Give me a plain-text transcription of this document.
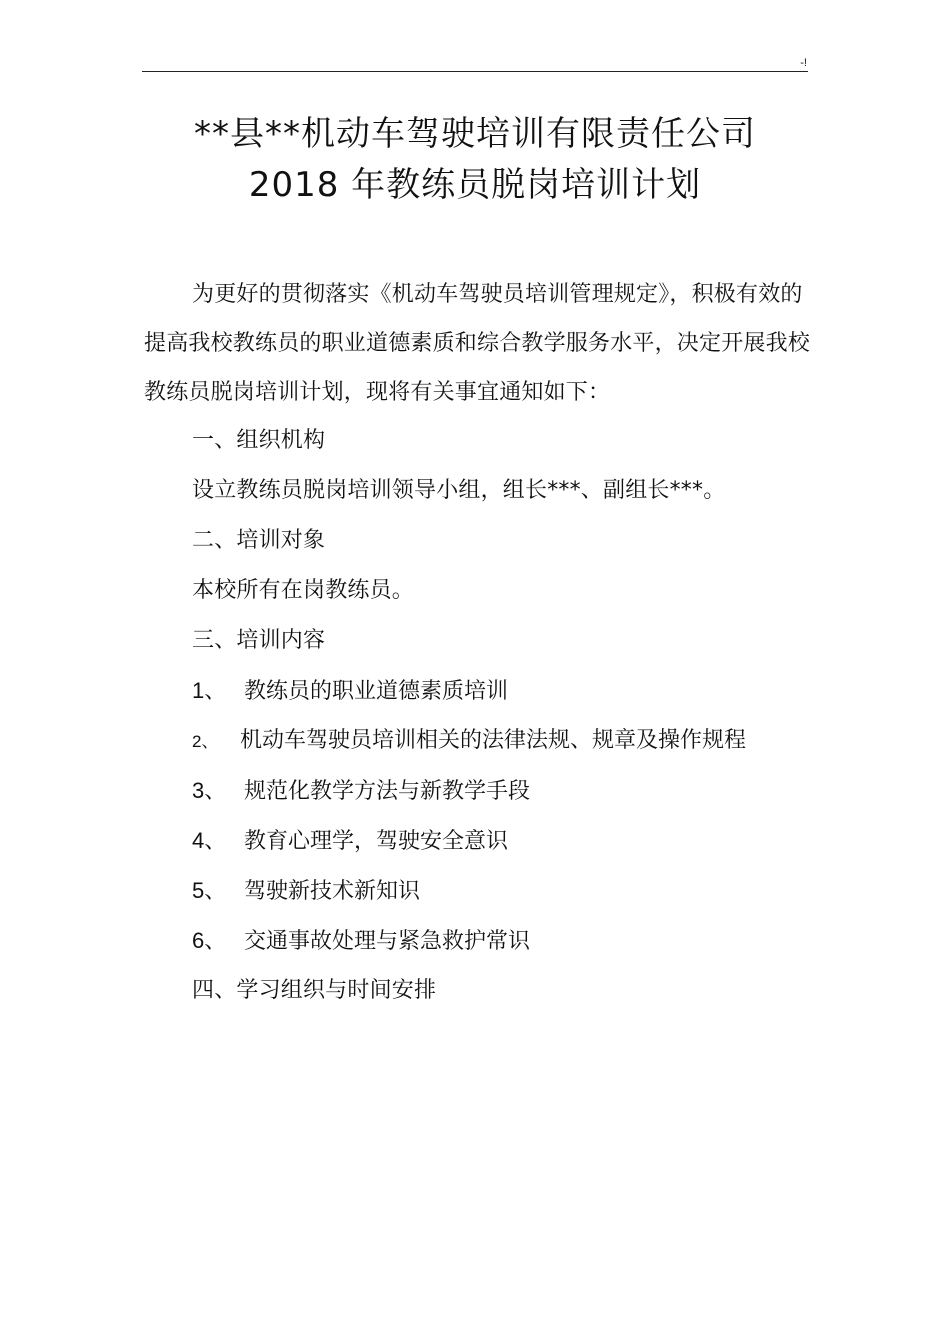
-!
**县**机动车驾驶培训有限责任公司
2018 年教练员脱岗培训计划
为更好的贯彻落实《机动车驾驶员培训管理规定》，积极有效的提高我校教练员的职业道德素质和综合教学服务水平，决定开展我校教练员脱岗培训计划，现将有关事宜通知如下：
一、组织机构
设立教练员脱岗培训领导小组，组长***、副组长***。
二、培训对象
本校所有在岗教练员。
三、培训内容
1、 教练员的职业道德素质培训
2、 机动车驾驶员培训相关的法律法规、规章及操作规程
3、 规范化教学方法与新教学手段
4、 教育心理学，驾驶安全意识
5、 驾驶新技术新知识
6、 交通事故处理与紧急救护常识
四、学习组织与时间安排
